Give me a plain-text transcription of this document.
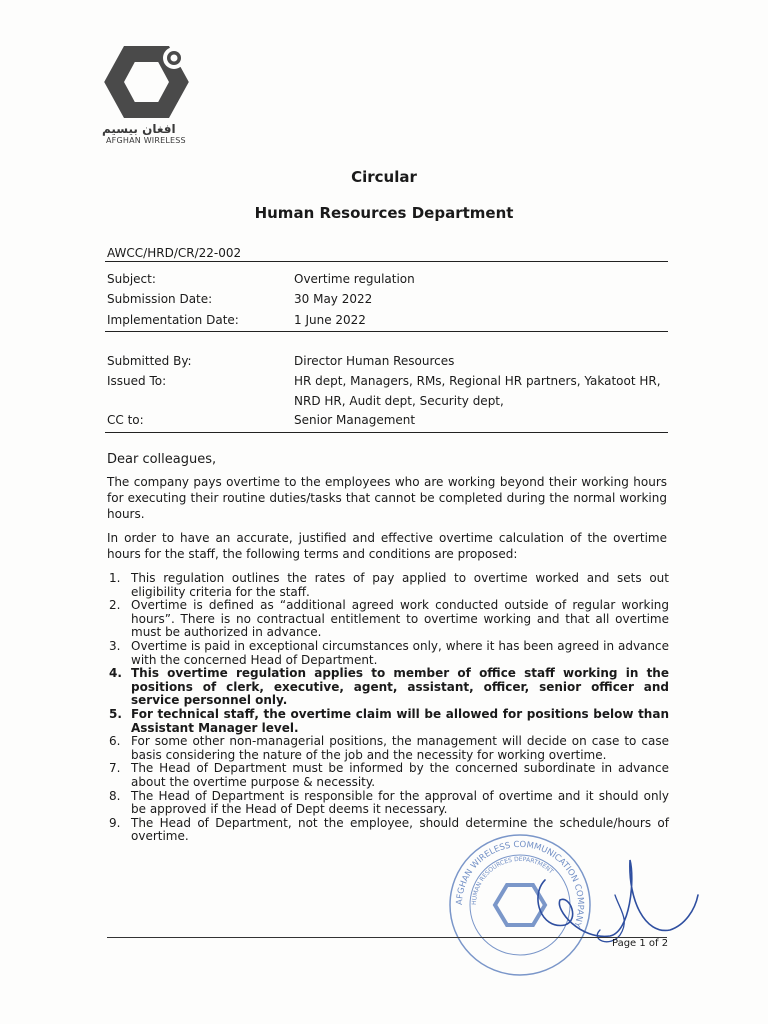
افغان بیسیم
AFGHAN WIRELESS
Circular
Human Resources Department
AWCC/HRD/CR/22-002
Subject:	Overtime regulation
Submission Date:	30 May 2022
Implementation Date:	1 June 2022
Submitted By:	Director Human Resources
Issued To:	HR dept, Managers, RMs, Regional HR partners, Yakatoot HR,
NRD HR, Audit dept, Security dept,
CC to:	Senior Management
Dear colleagues,
The company pays overtime to the employees who are working beyond their working hours for executing their routine duties/tasks that cannot be completed during the normal working hours.
In order to have an accurate, justified and effective overtime calculation of the overtime hours for the staff, the following terms and conditions are proposed:
1. This regulation outlines the rates of pay applied to overtime worked and sets out eligibility criteria for the staff.
2. Overtime is defined as “additional agreed work conducted outside of regular working hours”. There is no contractual entitlement to overtime working and that all overtime must be authorized in advance.
3. Overtime is paid in exceptional circumstances only, where it has been agreed in advance with the concerned Head of Department.
4. This overtime regulation applies to member of office staff working in the positions of clerk, executive, agent, assistant, officer, senior officer and service personnel only.
5. For technical staff, the overtime claim will be allowed for positions below than Assistant Manager level.
6. For some other non-managerial positions, the management will decide on case to case basis considering the nature of the job and the necessity for working overtime.
7. The Head of Department must be informed by the concerned subordinate in advance about the overtime purpose & necessity.
8. The Head of Department is responsible for the approval of overtime and it should only be approved if the Head of Dept deems it necessary.
9. The Head of Department, not the employee, should determine the schedule/hours of overtime.
AFGHAN WIRELESS COMMUNICATION COMPANY
HUMAN RESOURCES DEPARTMENT
Page 1 of 2
